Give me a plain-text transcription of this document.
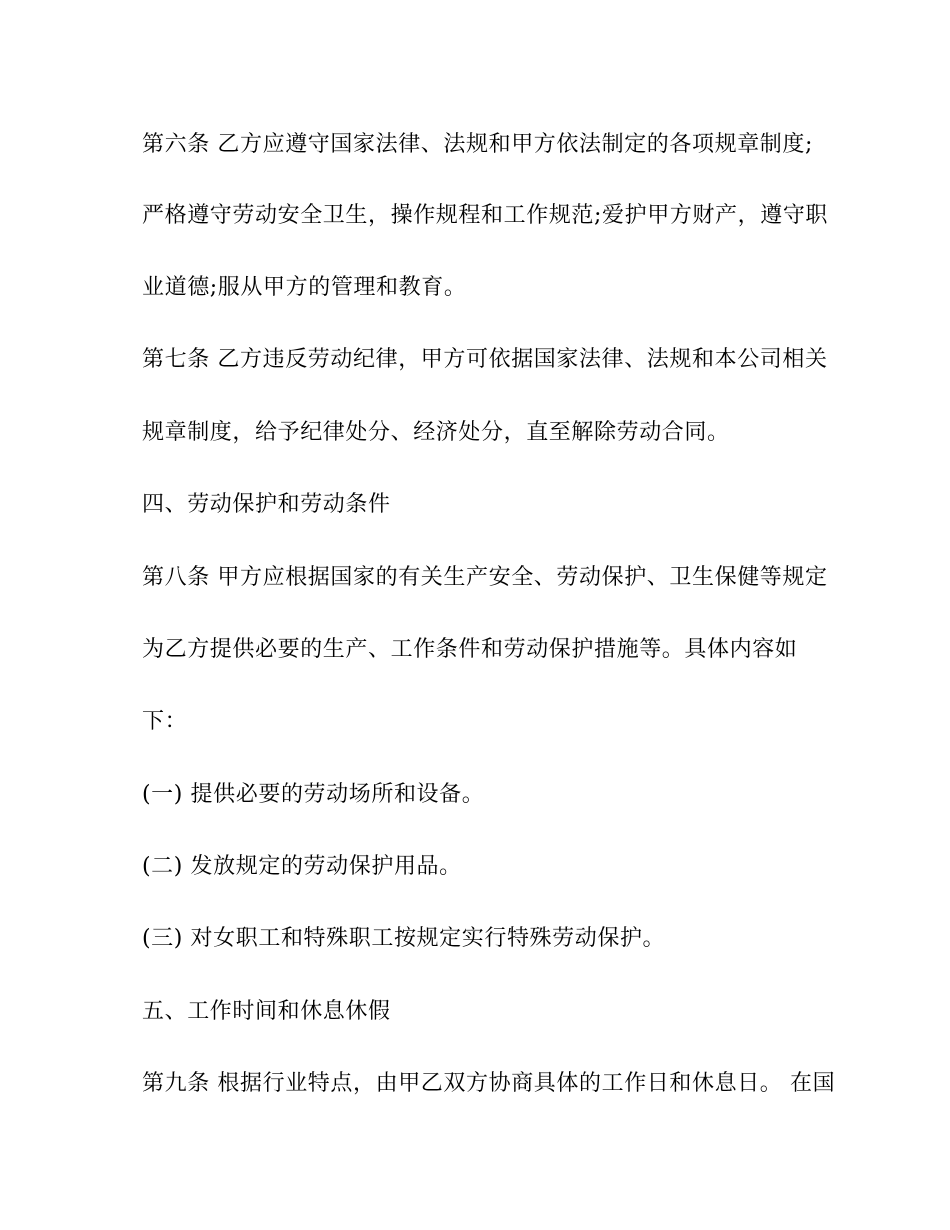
第六条 乙方应遵守国家法律、法规和甲方依法制定的各项规章制度;

严格遵守劳动安全卫生，操作规程和工作规范;爱护甲方财产，遵守职

业道德;服从甲方的管理和教育。

第七条 乙方违反劳动纪律，甲方可依据国家法律、法规和本公司相关

规章制度，给予纪律处分、经济处分，直至解除劳动合同。

四、劳动保护和劳动条件

第八条 甲方应根据国家的有关生产安全、劳动保护、卫生保健等规定

为乙方提供必要的生产、工作条件和劳动保护措施等。具体内容如

下：

(一) 提供必要的劳动场所和设备。

(二) 发放规定的劳动保护用品。

(三) 对女职工和特殊职工按规定实行特殊劳动保护。

五、工作时间和休息休假

第九条 根据行业特点，由甲乙双方协商具体的工作日和休息日。 在国
